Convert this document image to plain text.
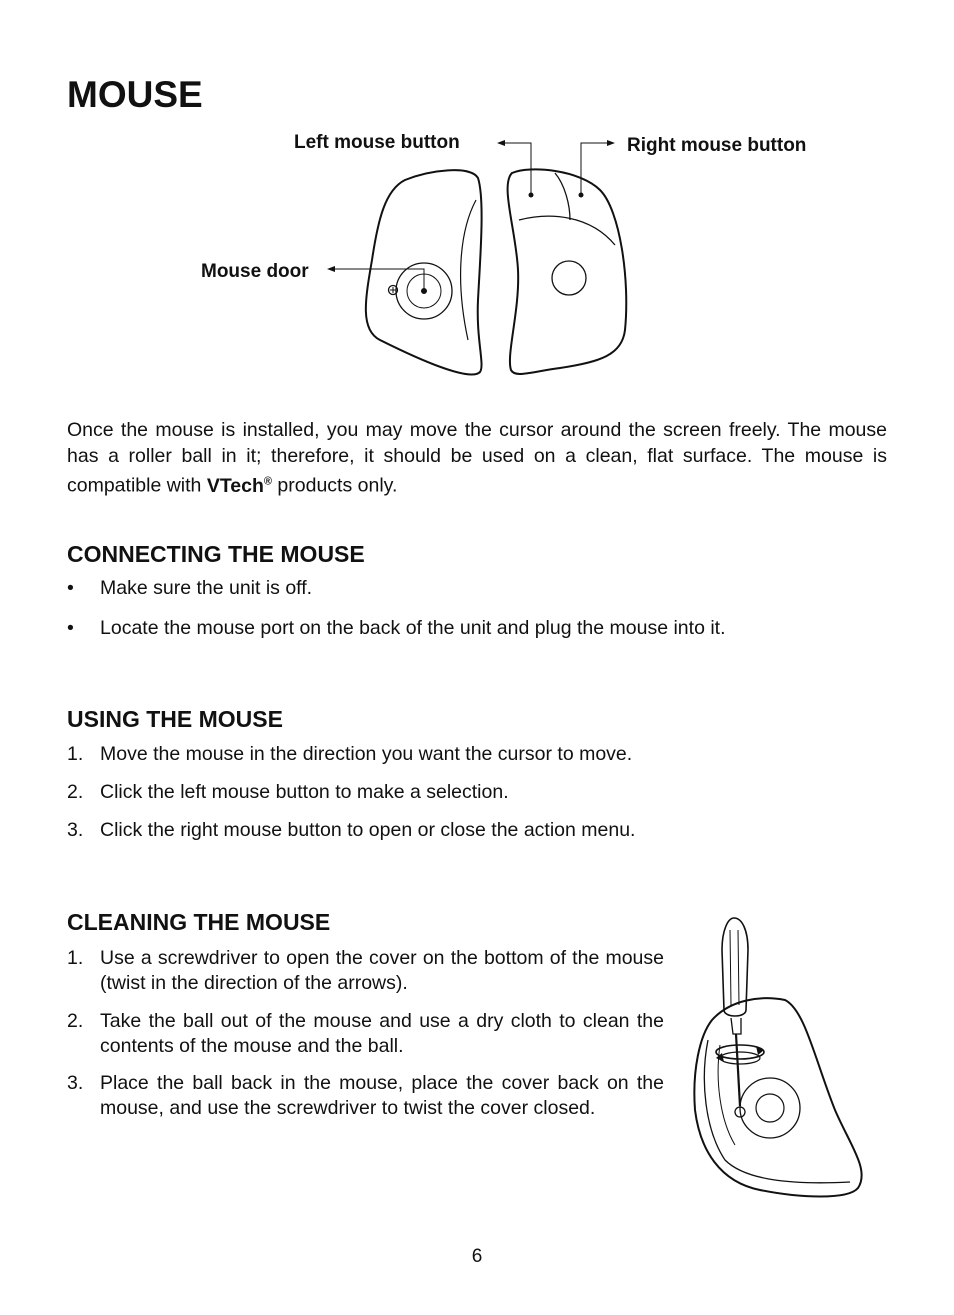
MOUSE
Left mouse button	Right mouse button
Mouse door
Once the mouse is installed, you may move the cursor around the screen freely. The mouse has a roller ball in it; therefore, it should be used on a clean, flat surface. The mouse is compatible with VTech® products only.
CONNECTING THE MOUSE
• Make sure the unit is off.
• Locate the mouse port on the back of the unit and plug the mouse into it.
USING THE MOUSE
1. Move the mouse in the direction you want the cursor to move.
2. Click the left mouse button to make a selection.
3. Click the right mouse button to open or close the action menu.
CLEANING THE MOUSE
1. Use a screwdriver to open the cover on the bottom of the mouse (twist in the direction of the arrows).
2. Take the ball out of the mouse and use a dry cloth to clean the contents of the mouse and the ball.
3. Place the ball back in the mouse, place the cover back on the mouse, and use the screwdriver to twist the cover closed.
6
